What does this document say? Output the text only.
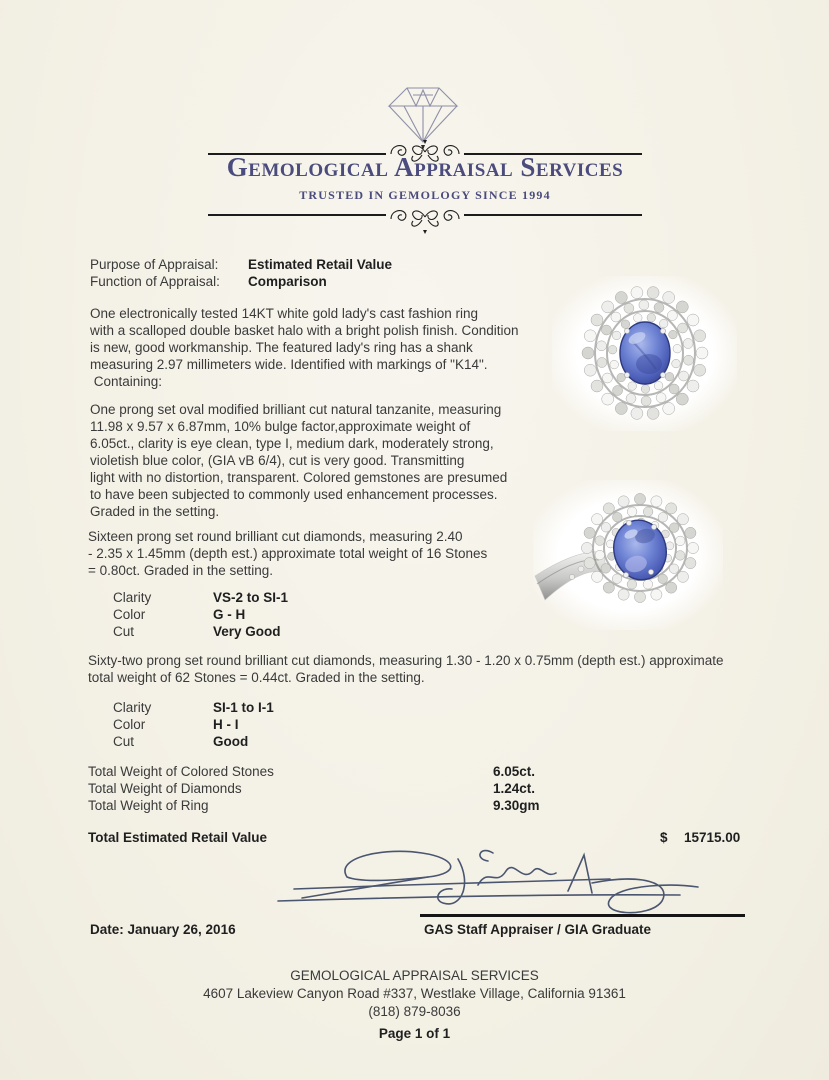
Gemological Appraisal Services
TRUSTED IN GEMOLOGY SINCE 1994
Purpose of Appraisal: Estimated Retail Value
Function of Appraisal: Comparison
One electronically tested 14KT white gold lady's cast fashion ring
with a scalloped double basket halo with a bright polish finish. Condition
is new, good workmanship. The featured lady's ring has a shank
measuring 2.97 millimeters wide. Identified with markings of "K14".
Containing:
One prong set oval modified brilliant cut natural tanzanite, measuring
11.98 x 9.57 x 6.87mm, 10% bulge factor,approximate weight of
6.05ct., clarity is eye clean, type I, medium dark, moderately strong,
violetish blue color, (GIA vB 6/4), cut is very good. Transmitting
light with no distortion, transparent. Colored gemstones are presumed
to have been subjected to commonly used enhancement processes.
Graded in the setting.
Sixteen prong set round brilliant cut diamonds, measuring 2.40
- 2.35 x 1.45mm (depth est.) approximate total weight of 16 Stones
= 0.80ct. Graded in the setting.
Clarity	VS-2 to SI-1
Color	G - H
Cut	Very Good
Sixty-two prong set round brilliant cut diamonds, measuring 1.30 - 1.20 x 0.75mm (depth est.) approximate
total weight of 62 Stones = 0.44ct. Graded in the setting.
Clarity	SI-1 to I-1
Color	H - I
Cut	Good
Total Weight of Colored Stones	6.05ct.
Total Weight of Diamonds	1.24ct.
Total Weight of Ring	9.30gm
Total Estimated Retail Value	$ 15715.00
Date: January 26, 2016	GAS Staff Appraiser / GIA Graduate
GEMOLOGICAL APPRAISAL SERVICES
4607 Lakeview Canyon Road #337, Westlake Village, California 91361
(818) 879-8036
Page 1 of 1
